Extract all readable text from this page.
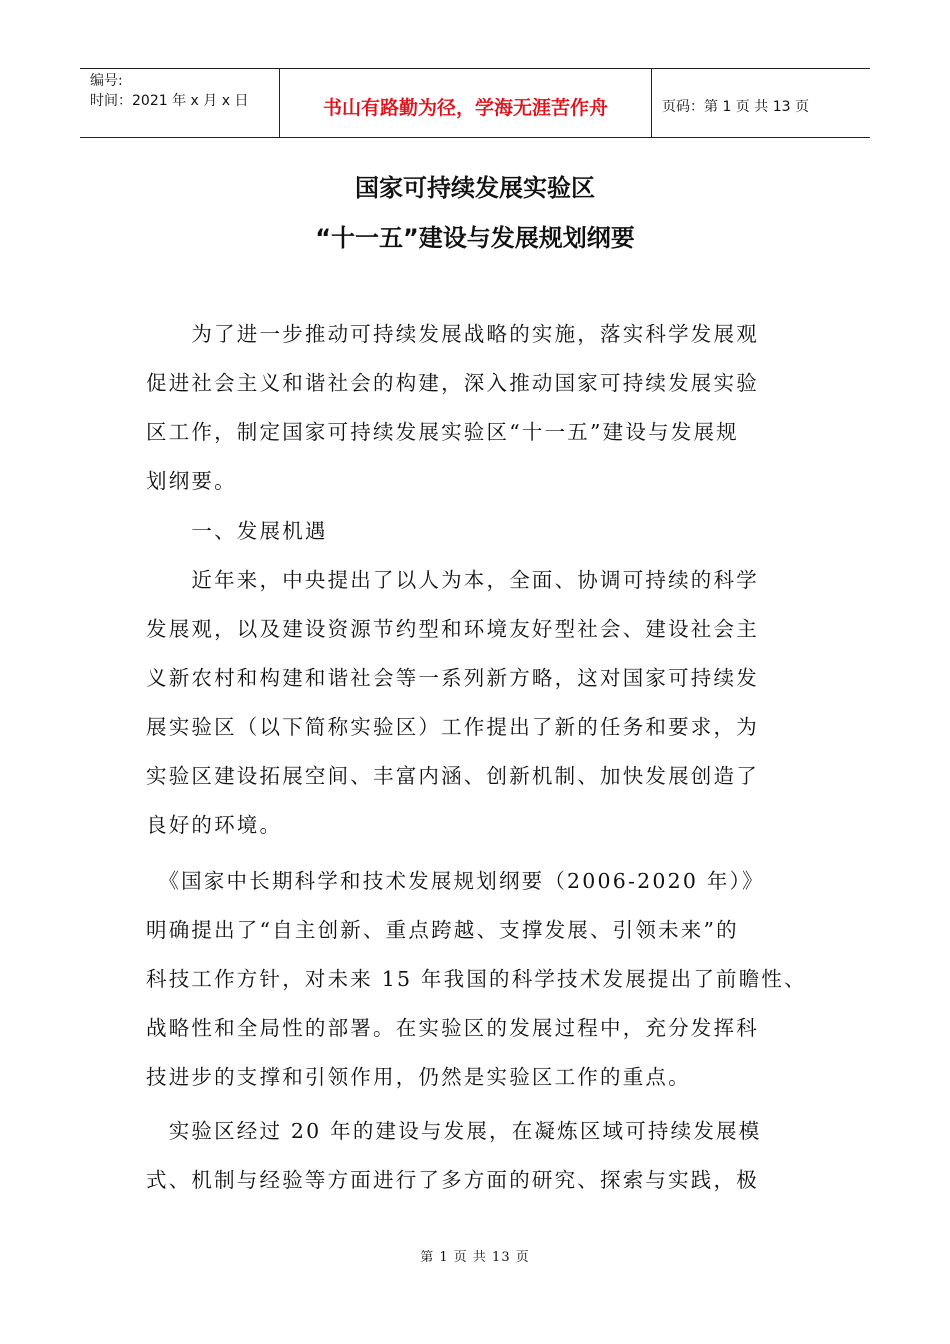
编号:
时间：2021 年 x 月 x 日	书山有路勤为径，学海无涯苦作舟	页码：第 1 页 共 13 页
国家可持续发展实验区
“十一五”建设与发展规划纲要
　　为了进一步推动可持续发展战略的实施，落实科学发展观
促进社会主义和谐社会的构建，深入推动国家可持续发展实验
区工作，制定国家可持续发展实验区“十一五”建设与发展规
划纲要。
　　一、发展机遇
　　近年来，中央提出了以人为本，全面、协调可持续的科学
发展观，以及建设资源节约型和环境友好型社会、建设社会主
义新农村和构建和谐社会等一系列新方略，这对国家可持续发
展实验区（以下简称实验区）工作提出了新的任务和要求，为
实验区建设拓展空间、丰富内涵、创新机制、加快发展创造了
良好的环境。
　《国家中长期科学和技术发展规划纲要（2006-2020 年）》
明确提出了“自主创新、重点跨越、支撑发展、引领未来”的
科技工作方针，对未来 15 年我国的科学技术发展提出了前瞻性、
战略性和全局性的部署。在实验区的发展过程中，充分发挥科
技进步的支撑和引领作用，仍然是实验区工作的重点。
　实验区经过 20 年的建设与发展，在凝炼区域可持续发展模
式、机制与经验等方面进行了多方面的研究、探索与实践，极
第 1 页 共 13 页
